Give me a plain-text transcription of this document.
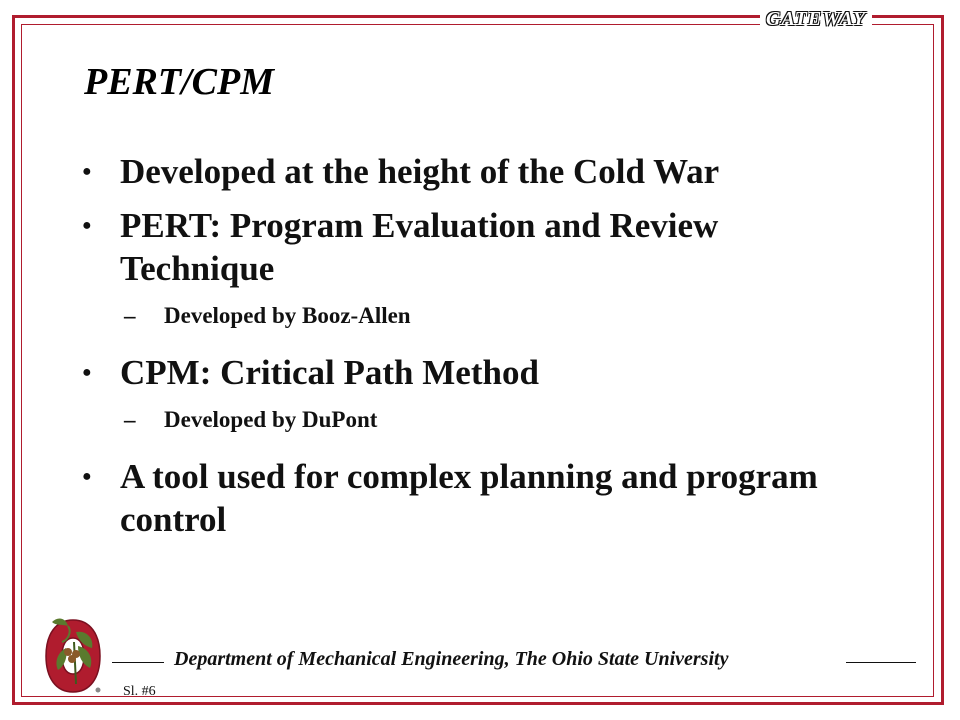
GATEWAY
PERT/CPM
● Developed at the height of the Cold War
● PERT: Program Evaluation and Review Technique
– Developed by Booz-Allen
● CPM: Critical Path Method
– Developed by DuPont
● A tool used for complex planning and program control
Department of Mechanical Engineering, The Ohio State University
Sl. #6
